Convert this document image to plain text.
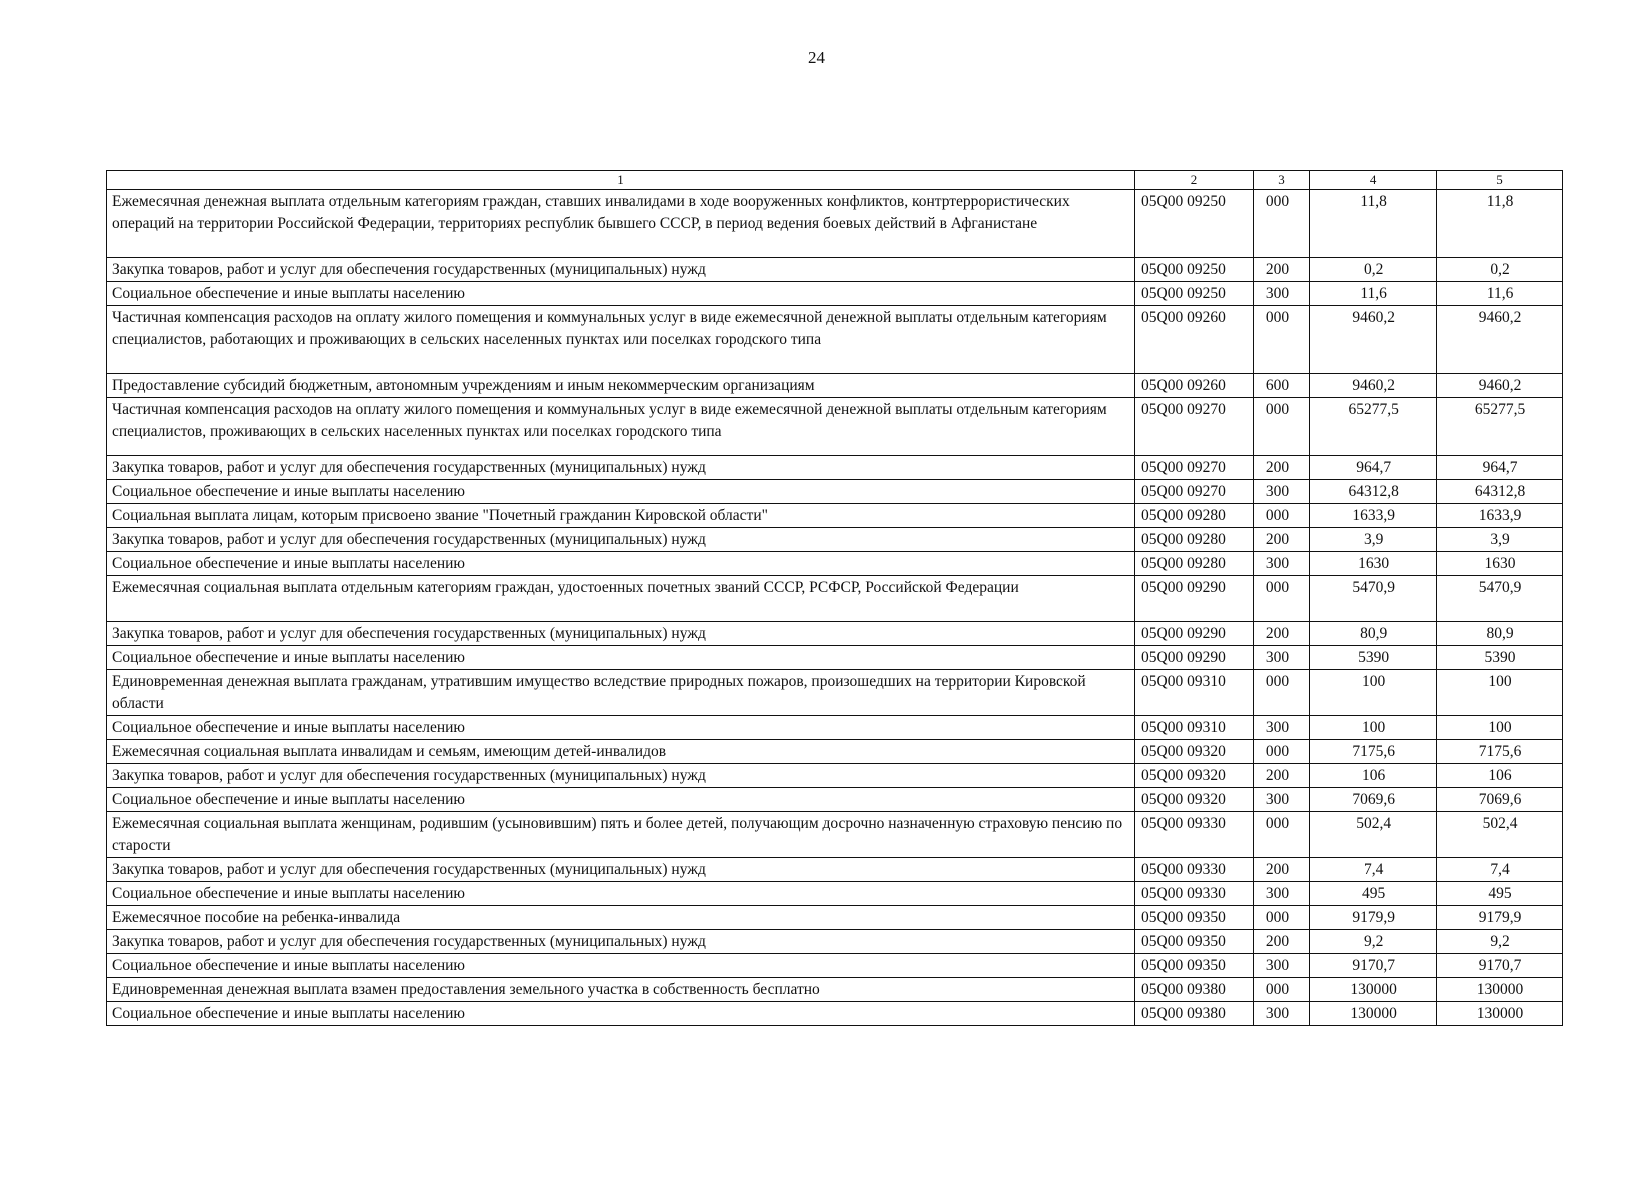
24
1	2	3	4	5
Ежемесячная денежная выплата отдельным категориям граждан, ставших инвалидами в ходе вооруженных конфликтов, контртеррористических операций на территории Российской Федерации, территориях республик бывшего СССР, в период ведения боевых действий в Афганистане	05Q00 09250	000	11,8	11,8
Закупка товаров, работ и услуг для обеспечения государственных (муниципальных) нужд	05Q00 09250	200	0,2	0,2
Социальное обеспечение и иные выплаты населению	05Q00 09250	300	11,6	11,6
Частичная компенсация расходов на оплату жилого помещения и коммунальных услуг в виде ежемесячной денежной выплаты отдельным категориям специалистов, работающих и проживающих в сельских населенных пунктах или поселках городского типа	05Q00 09260	000	9460,2	9460,2
Предоставление субсидий бюджетным, автономным учреждениям и иным некоммерческим организациям	05Q00 09260	600	9460,2	9460,2
Частичная компенсация расходов на оплату жилого помещения и коммунальных услуг в виде ежемесячной денежной выплаты отдельным категориям специалистов, проживающих в сельских населенных пунктах или поселках городского типа	05Q00 09270	000	65277,5	65277,5
Закупка товаров, работ и услуг для обеспечения государственных (муниципальных) нужд	05Q00 09270	200	964,7	964,7
Социальное обеспечение и иные выплаты населению	05Q00 09270	300	64312,8	64312,8
Социальная выплата лицам, которым присвоено звание "Почетный гражданин Кировской области"	05Q00 09280	000	1633,9	1633,9
Закупка товаров, работ и услуг для обеспечения государственных (муниципальных) нужд	05Q00 09280	200	3,9	3,9
Социальное обеспечение и иные выплаты населению	05Q00 09280	300	1630	1630
Ежемесячная социальная выплата отдельным категориям граждан, удостоенных почетных званий СССР, РСФСР, Российской Федерации	05Q00 09290	000	5470,9	5470,9
Закупка товаров, работ и услуг для обеспечения государственных (муниципальных) нужд	05Q00 09290	200	80,9	80,9
Социальное обеспечение и иные выплаты населению	05Q00 09290	300	5390	5390
Единовременная денежная выплата гражданам, утратившим имущество вследствие природных пожаров, произошедших на территории Кировской области	05Q00 09310	000	100	100
Социальное обеспечение и иные выплаты населению	05Q00 09310	300	100	100
Ежемесячная социальная выплата инвалидам и семьям, имеющим детей-инвалидов	05Q00 09320	000	7175,6	7175,6
Закупка товаров, работ и услуг для обеспечения государственных (муниципальных) нужд	05Q00 09320	200	106	106
Социальное обеспечение и иные выплаты населению	05Q00 09320	300	7069,6	7069,6
Ежемесячная социальная выплата женщинам, родившим (усыновившим) пять и более детей, получающим досрочно назначенную страховую пенсию по старости	05Q00 09330	000	502,4	502,4
Закупка товаров, работ и услуг для обеспечения государственных (муниципальных) нужд	05Q00 09330	200	7,4	7,4
Социальное обеспечение и иные выплаты населению	05Q00 09330	300	495	495
Ежемесячное пособие на ребенка-инвалида	05Q00 09350	000	9179,9	9179,9
Закупка товаров, работ и услуг для обеспечения государственных (муниципальных) нужд	05Q00 09350	200	9,2	9,2
Социальное обеспечение и иные выплаты населению	05Q00 09350	300	9170,7	9170,7
Единовременная денежная выплата взамен предоставления земельного участка в собственность бесплатно	05Q00 09380	000	130000	130000
Социальное обеспечение и иные выплаты населению	05Q00 09380	300	130000	130000
